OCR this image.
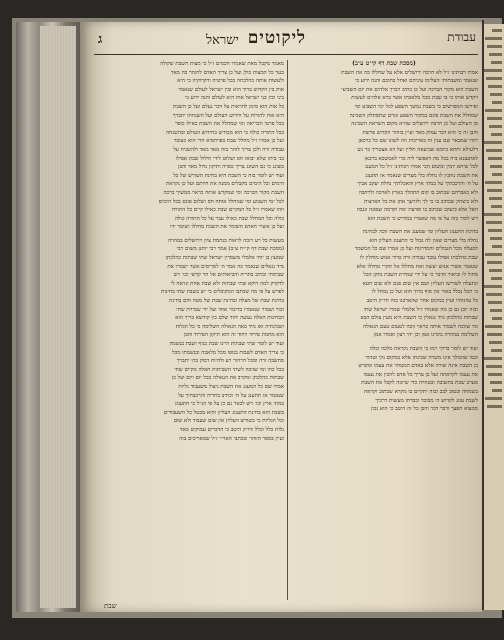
עבודת
ליקוטים
ישראל
ג
(מסכת שבת דף קי״ט ע״ב)
אמרו רבותינו ז״ל לא חרבה ירושלים אלא על שחללו בה את השבת
שנאמר ומשבתותי העלימו עיניהם ואחל בתוכם והנה ידוע כי
השבת הוא מקור הברכה ועל כן כתיב ויברך אלהים את יום השביעי
ויקדש אותו כי בו שבת מכל מלאכתו אשר ברא אלהים לעשות
ופירשו המפרשים כי בשבת נמשך השפע לכל ימי השבוע ומי
שמחלל את השבת פוגם במקור השפע וגורם שתסתלק השכינה
מן העולם ועל כן חרבה ירושלים שהיא מקום השראת השכינה
והבן זה כי הוא דבר עמוק מאד ועיין בזוהר הקדוש פרשת
יתרו שמבאר שם ענין זה באריכות וזה לשונו שם כל ברכאן
דלעילא ותתא ביומא שביעאה תליין ועל דא אצטריך בר נש
לאתענגא ביה בכל מה דאפשר ליה כדי לאמשכא ברכאן
לכל שיתא יומין ומשום הכי אמרו רבותינו ז״ל כל המענג
את השבת נותנין לו נחלה בלי מצרים שנאמר אז תתענג
על ה׳ והרכבתיך על במתי ארץ והאכלתיך נחלת יעקב אביך
ולא כאברהם שכתוב בו קום התהלך בארץ לארכה ולרחבה
ולא כיצחק שכתוב בו כי לך ולזרעך אתן את כל הארצות
האל אלא כיעקב שכתוב בו ופרצת ימה וקדמה וצפונה ונגבה
ויש לומר בזה על פי מה שאמרו במדרש כי השבת הוא
בחינת התענוג העליון ומי שמענג את השבת זוכה לבחינת
נחלה בלי מצרים שאין לה גבול כי התענוג העליון הוא
למעלה מכל הגבולים והמדרגות ועל כן אמרו שם כל המשמר
שבת כהלכתו אפילו עובד עבודה זרה כדור אנוש מוחלין לו
שנאמר אשרי אנוש יעשה זאת מחללו אל תקרי מחללו אלא
מחול לו וביאור הדבר כי על ידי שמירת השבת נתקן הכל
ונתעלה לשורשו העליון ושם אין שום פגם ולא שום חטא
כי הכל נכלל באור אין סוף ברוך הוא ועל כן נמחל לו
כל עוונותיו ועיין במקום אחר שהארכנו בזה ודו״ק היטב
ובזה יובן גם כן מה שאמרו ז״ל אלמלי שמרו ישראל שתי
שבתות כהלכתן מיד נגאלין כי השבת היא מעין עולם הבא
ומי שזוכה לשמור אותה כראוי זוכה לטעום טעם הגאולה
השלימה במהרה בימינו אמן וכן יהי רצון ואמרו אמן
ועוד יש לומר בדרך רמז כי השבת נקראת מלכה וכלה
וכמו שהמלך אינו משרה שכינתו אלא במקום נקי וטהור
כן השבת אינה שורה אלא באדם המטהר את עצמו ומקדש
את עצמו לקראתה ועל כן צריך כל אדם להכין את עצמו
מערב שבת בתשובה ובטהרה כדי שיזכה לקבל את השבת
בשמחה ובטוב לבב ובזה יתקיים בו מקרא שכתוב וקראת
לשבת עונג לקדוש ה׳ מכובד וכבדתו מעשות דרכיך
ממצוא חפצך ודבר דבר והבן כל זה היטב כי הוא נכון
מאמר מקבל מאת שאמרו חכמים ז״ל כי מצות השבת שקולה
כנגד כל המצות כולן ועל כן צריך האדם להזהר בה מאד
ולעשות אותה כהלכתה בכל פרטיה ודקדוקיה כי היא
אות בין הקדוש ברוך הוא ובין ישראל לעולם שנאמר
ביני ובין בני ישראל אות היא לעולם והנה ידוע כי
כל אות הוא סימן להראות על דבר נעלם ועל כן השבת
היא אות להורות על חידוש העולם ועל השגחתו יתברך
בכל פרטי הבריאה ומי שמחלל את השבת כאילו כופר
בכל התורה כולה כי הוא מכחיש בחידוש העולם ובהשגחה
ועל כן אמרו ז״ל מחלל שבת בפרהסיא הרי הוא כעובד
עבודה זרה ולכן צריך לזהר בזה מאד מאד ולהשגיח על
בני ביתו שלא יבואו חס ושלום לידי חילול שבת אפילו
בשוגג כי גם השוגג צריך כפרה ותיקון גדול מאד והבן
ועוד יש לומר בזה כי השבת היא בחינת השורש של כל
הימים וכל הימים מקבלים ממנה את חיותם ועל כן נקראת
השבת מקור הברכה ומי שמקדש אותה כראוי ממשיך ברכה
לכל ימי השבוע ומי שמחלל אותה חס ושלום פוגם בכל הימים
וזהו שאמרו ז״ל כל המקיים שבת כאילו קיים כל התורה
כולה וכל המחלל שבת כאילו עבר על כל התורה כולה
ועל כן אשרי האדם השומר את השבת מחללו ושומר ידו
מעשות כל רע ויזכה לראות בנחמת ציון וירושלים במהרה
(מסכת שבת דף קי״ח ע״ב) אמר רבי יוחנן משום רבי
שמעון בן יוחי אלמלי משמרין ישראל שתי שבתות כהלכתן
מיד נגאלים שנאמר כה אמר ה׳ לסריסים אשר ישמרו את
שבתותי וכתיב בתריה והביאותים אל הר קדשי וכו׳ ויש
לדקדק למה דוקא שתי שבתות ולא שבת אחת ונראה לי
לפרש על פי מה שכתבו המקובלים כי יש בשבת שתי בחינות
בחינת שבת של מעלה ובחינת שבת של מטה והם בחינת
זכור ושמור שנאמרו בדיבור אחד ועל ידי שמירת שתי
הבחינות האלה נעשה יחוד שלם בין קודשא בריך הוא
ושכינתיה ואז מיד באה הגאולה השלימה כי כל הגלות
הוא מחמת פירוד ויחוד זה הוא תיקון הפירוד והבן
ועוד יש לומר שתי שבתות היינו שבת בגוף ושבת בנשמה
כי צריך האדם לשבות בגופו מכל מלאכה ובנשמתו מכל
מחשבה זרה ומכל הרהור רע ולהיות דבוק בה׳ יתברך
בכל כחו ומי שזוכה לשתי השביתות האלה מקיים שתי
שבתות כהלכתן ומקרב את הגאולה בכל יום ויום ועל כן
אמרו שם כל המענג את השבת ניצול משעבוד גליות
שנאמר אז תתענג על ה׳ וכתיב בתריה והרכבתיך על
במתי ארץ וכו׳ ויש לבאר גם כן על פי הנ״ל כי התענוג
בשבת הוא בחינת התענוג העליון והוא מבטל כל השעבודים
וכל הגליות כי בשורש העליון אין שום שעבוד ולא שום
גלות כלל וכלל ודו״ק היטב כי הדברים עמוקים מאד
ועיין בספר הזוהר ובכתבי האר״י ז״ל שמאריכים בזה
שבת
